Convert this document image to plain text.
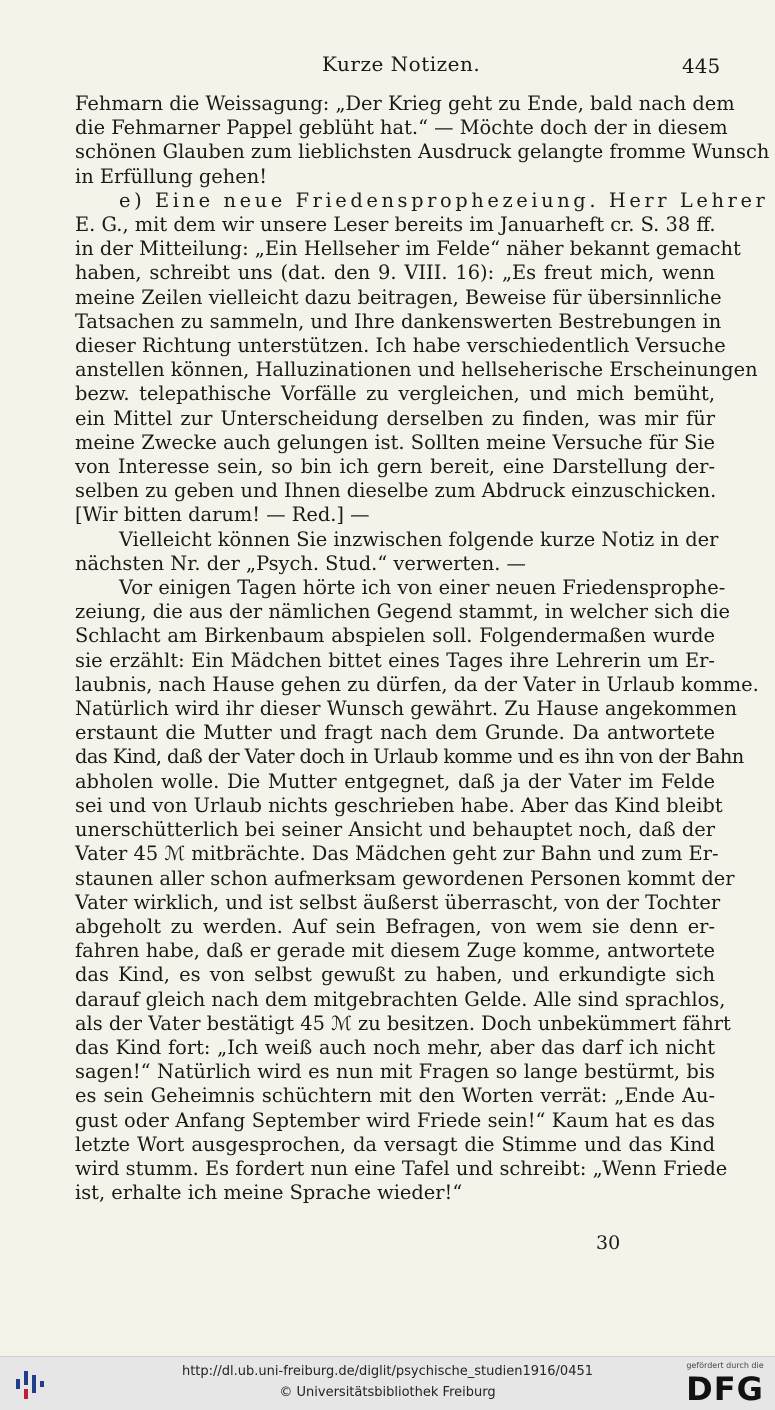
Kurze Notizen.	445
Fehmarn die Weissagung: „Der Krieg geht zu Ende, bald nach dem
die Fehmarner Pappel geblüht hat.“ — Möchte doch der in diesem
schönen Glauben zum lieblichsten Ausdruck gelangte fromme Wunsch
in Erfüllung gehen!
e) Eine neue Friedensprophezeiung. Herr Lehrer
E. G., mit dem wir unsere Leser bereits im Januarheft cr. S. 38 ff.
in der Mitteilung: „Ein Hellseher im Felde“ näher bekannt gemacht
haben, schreibt uns (dat. den 9. VIII. 16): „Es freut mich, wenn
meine Zeilen vielleicht dazu beitragen, Beweise für übersinnliche
Tatsachen zu sammeln, und Ihre dankenswerten Bestrebungen in
dieser Richtung unterstützen. Ich habe verschiedentlich Versuche
anstellen können, Halluzinationen und hellseherische Erscheinungen
bezw. telepathische Vorfälle zu vergleichen, und mich bemüht,
ein Mittel zur Unterscheidung derselben zu finden, was mir für
meine Zwecke auch gelungen ist. Sollten meine Versuche für Sie
von Interesse sein, so bin ich gern bereit, eine Darstellung der-
selben zu geben und Ihnen dieselbe zum Abdruck einzuschicken.
[Wir bitten darum! — Red.] —
Vielleicht können Sie inzwischen folgende kurze Notiz in der
nächsten Nr. der „Psych. Stud.“ verwerten. —
Vor einigen Tagen hörte ich von einer neuen Friedensprophe-
zeiung, die aus der nämlichen Gegend stammt, in welcher sich die
Schlacht am Birkenbaum abspielen soll. Folgendermaßen wurde
sie erzählt: Ein Mädchen bittet eines Tages ihre Lehrerin um Er-
laubnis, nach Hause gehen zu dürfen, da der Vater in Urlaub komme.
Natürlich wird ihr dieser Wunsch gewährt. Zu Hause angekommen
erstaunt die Mutter und fragt nach dem Grunde. Da antwortete
das Kind, daß der Vater doch in Urlaub komme und es ihn von der Bahn
abholen wolle. Die Mutter entgegnet, daß ja der Vater im Felde
sei und von Urlaub nichts geschrieben habe. Aber das Kind bleibt
unerschütterlich bei seiner Ansicht und behauptet noch, daß der
Vater 45 ℳ mitbrächte. Das Mädchen geht zur Bahn und zum Er-
staunen aller schon aufmerksam gewordenen Personen kommt der
Vater wirklich, und ist selbst äußerst überrascht, von der Tochter
abgeholt zu werden. Auf sein Befragen, von wem sie denn er-
fahren habe, daß er gerade mit diesem Zuge komme, antwortete
das Kind, es von selbst gewußt zu haben, und erkundigte sich
darauf gleich nach dem mitgebrachten Gelde. Alle sind sprachlos,
als der Vater bestätigt 45 ℳ zu besitzen. Doch unbekümmert fährt
das Kind fort: „Ich weiß auch noch mehr, aber das darf ich nicht
sagen!“ Natürlich wird es nun mit Fragen so lange bestürmt, bis
es sein Geheimnis schüchtern mit den Worten verrät: „Ende Au-
gust oder Anfang September wird Friede sein!“ Kaum hat es das
letzte Wort ausgesprochen, da versagt die Stimme und das Kind
wird stumm. Es fordert nun eine Tafel und schreibt: „Wenn Friede
ist, erhalte ich meine Sprache wieder!“
30
http://dl.ub.uni-freiburg.de/diglit/psychische_studien1916/0451
© Universitätsbibliothek Freiburg
gefördert durch die
DFG
